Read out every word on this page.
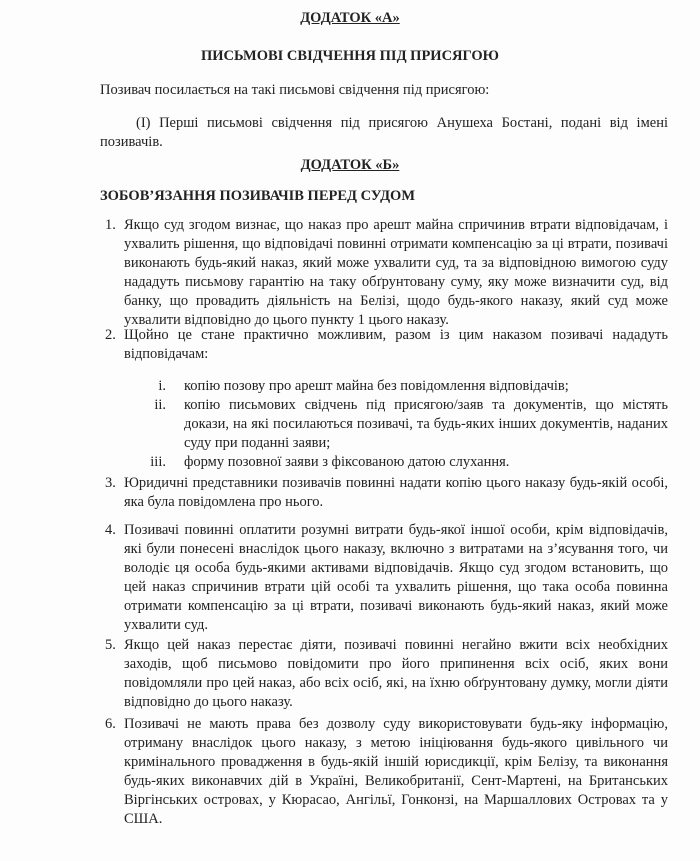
ДОДАТОК «А»
ПИСЬМОВІ СВІДЧЕННЯ ПІД ПРИСЯГОЮ
Позивач посилається на такі письмові свідчення під присягою:
(I) Перші письмові свідчення під присягою Анушеха Бостані, подані від імені позивачів.
ДОДАТОК «Б»
ЗОБОВ’ЯЗАННЯ ПОЗИВАЧІВ ПЕРЕД СУДОМ
1. Якщо суд згодом визнає, що наказ про арешт майна спричинив втрати відповідачам, і ухвалить рішення, що відповідачі повинні отримати компенсацію за ці втрати, позивачі виконають будь-який наказ, який може ухвалити суд, та за відповідною вимогою суду нададуть письмову гарантію на таку обґрунтовану суму, яку може визначити суд, від банку, що провадить діяльність на Белізі, щодо будь-якого наказу, який суд може ухвалити відповідно до цього пункту 1 цього наказу.
2. Щойно це стане практично можливим, разом із цим наказом позивачі нададуть відповідачам:
i. копію позову про арешт майна без повідомлення відповідачів;
ii. копію письмових свідчень під присягою/заяв та документів, що містять докази, на які посилаються позивачі, та будь-яких інших документів, наданих суду при поданні заяви;
iii. форму позовної заяви з фіксованою датою слухання.
3. Юридичні представники позивачів повинні надати копію цього наказу будь-якій особі, яка була повідомлена про нього.
4. Позивачі повинні оплатити розумні витрати будь-якої іншої особи, крім відповідачів, які були понесені внаслідок цього наказу, включно з витратами на з’ясування того, чи володіє ця особа будь-якими активами відповідачів. Якщо суд згодом встановить, що цей наказ спричинив втрати цій особі та ухвалить рішення, що така особа повинна отримати компенсацію за ці втрати, позивачі виконають будь-який наказ, який може ухвалити суд.
5. Якщо цей наказ перестає діяти, позивачі повинні негайно вжити всіх необхідних заходів, щоб письмово повідомити про його припинення всіх осіб, яких вони повідомляли про цей наказ, або всіх осіб, які, на їхню обґрунтовану думку, могли діяти відповідно до цього наказу.
6. Позивачі не мають права без дозволу суду використовувати будь-яку інформацію, отриману внаслідок цього наказу, з метою ініціювання будь-якого цивільного чи кримінального провадження в будь-якій іншій юрисдикції, крім Белізу, та виконання будь-яких виконавчих дій в Україні, Великобританії, Сент-Мартені, на Британських Віргінських островах, у Кюрасао, Ангільї, Гонконзі, на Маршаллових Островах та у США.
